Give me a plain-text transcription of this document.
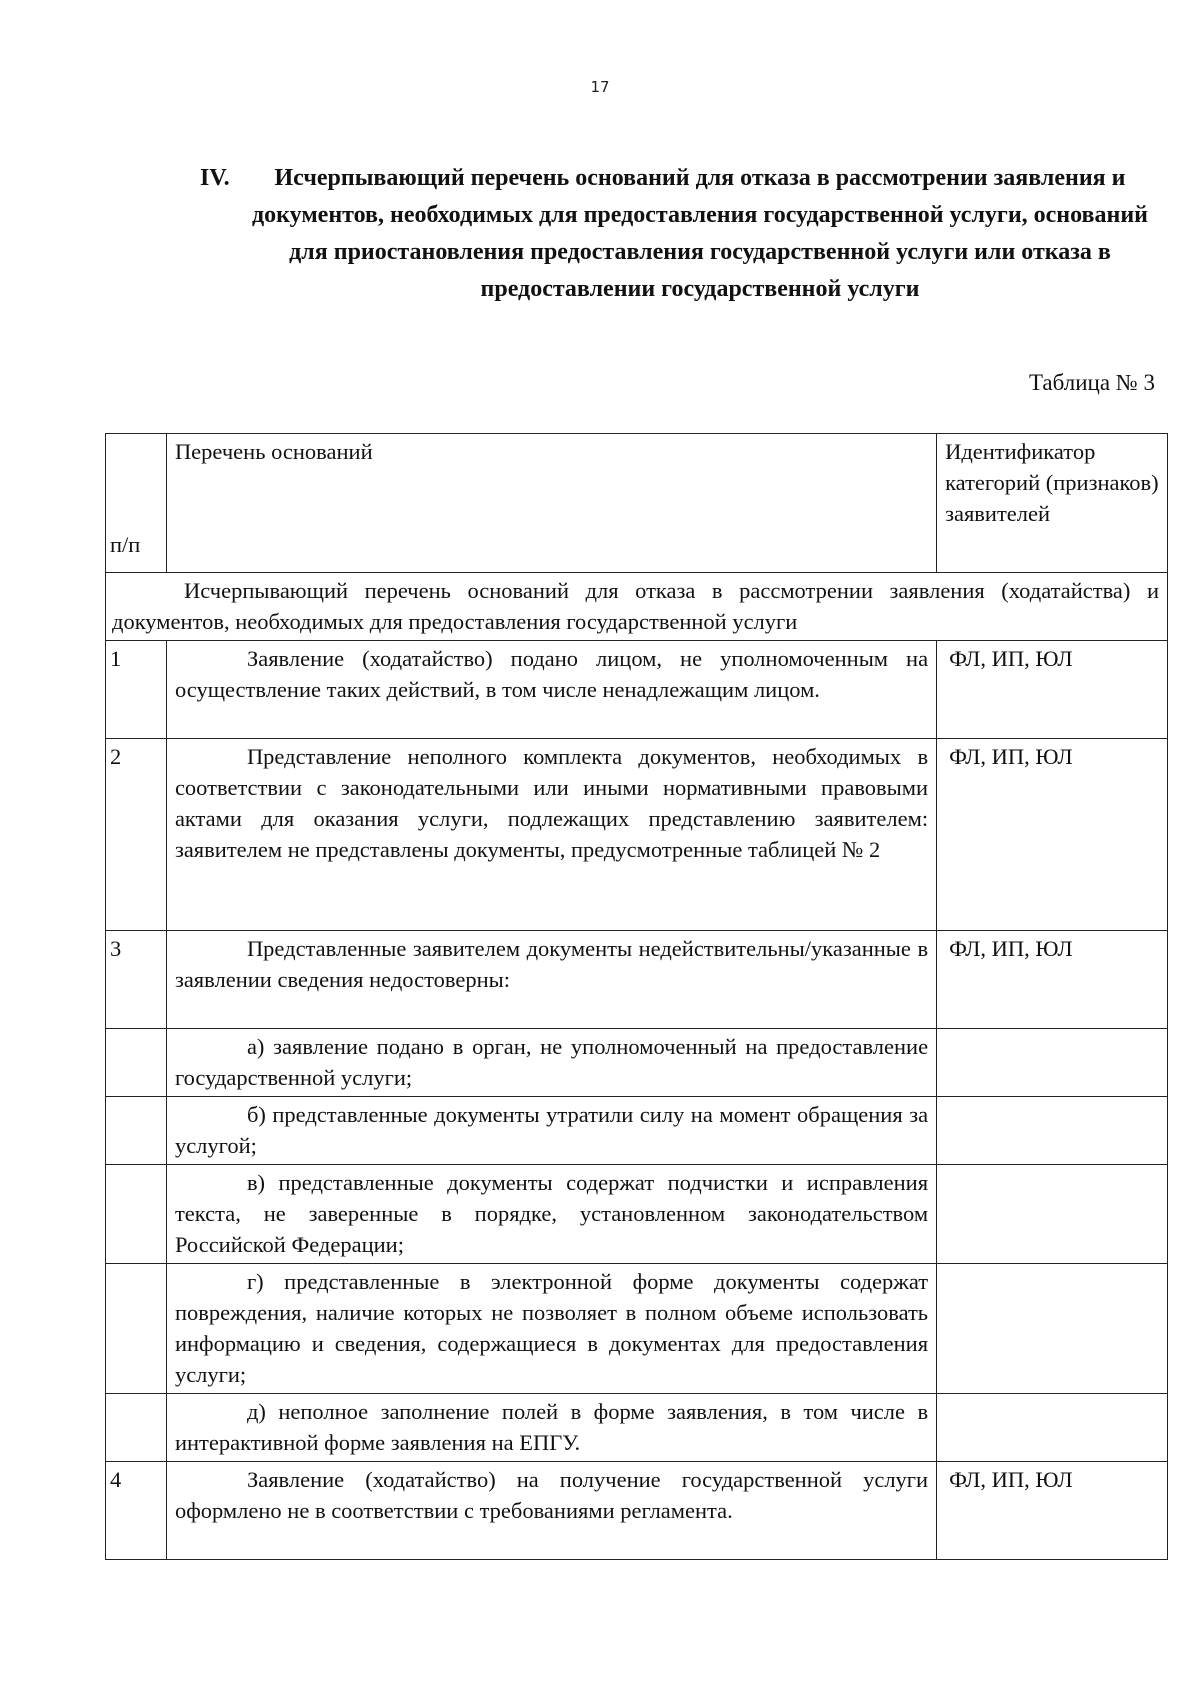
17
IV.	Исчерпывающий перечень оснований для отказа в рассмотрении заявления и документов, необходимых для предоставления государственной услуги, оснований для приостановления предоставления государственной услуги или отказа в предоставлении государственной услуги
Таблица № 3
п/п	Перечень оснований	Идентификатор категорий (признаков) заявителей
Исчерпывающий перечень оснований для отказа в рассмотрении заявления (ходатайства) и документов, необходимых для предоставления государственной услуги		
1	Заявление (ходатайство) подано лицом, не уполномоченным на осуществление таких действий, в том числе ненадлежащим лицом.	ФЛ, ИП, ЮЛ
2	Представление неполного комплекта документов, необходимых в соответствии с законодательными или иными нормативными правовыми актами для оказания услуги, подлежащих представлению заявителем: заявителем не представлены документы, предусмотренные таблицей № 2	ФЛ, ИП, ЮЛ
3	Представленные заявителем документы недействительны/указанные в заявлении сведения недостоверны:	ФЛ, ИП, ЮЛ
	а) заявление подано в орган, не уполномоченный на предоставление государственной услуги;	
	б) представленные документы утратили силу на момент обращения за услугой;	
	в) представленные документы содержат подчистки и исправления текста, не заверенные в порядке, установленном законодательством Российской Федерации;	
	г) представленные в электронной форме документы содержат повреждения, наличие которых не позволяет в полном объеме использовать информацию и сведения, содержащиеся в документах для предоставления услуги;	
	д) неполное заполнение полей в форме заявления, в том числе в интерактивной форме заявления на ЕПГУ.	
4	Заявление (ходатайство) на получение государственной услуги оформлено не в соответствии с требованиями регламента.	ФЛ, ИП, ЮЛ
